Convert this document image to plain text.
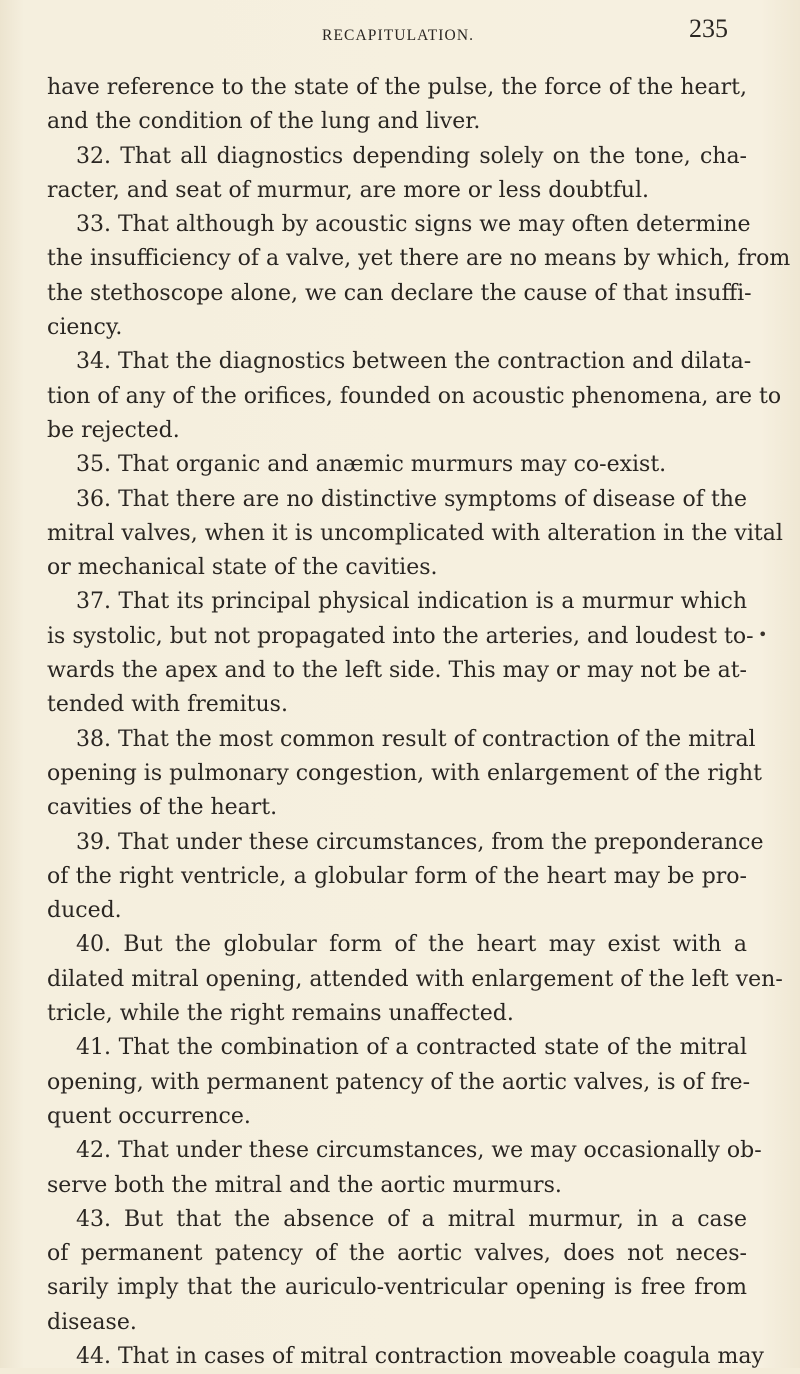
RECAPITULATION.	235
have reference to the state of the pulse, the force of the heart,
and the condition of the lung and liver.
32. That all diagnostics depending solely on the tone, cha-
racter, and seat of murmur, are more or less doubtful.
33. That although by acoustic signs we may often determine
the insufficiency of a valve, yet there are no means by which, from
the stethoscope alone, we can declare the cause of that insuffi-
ciency.
34. That the diagnostics between the contraction and dilata-
tion of any of the orifices, founded on acoustic phenomena, are to
be rejected.
35. That organic and anæmic murmurs may co-exist.
36. That there are no distinctive symptoms of disease of the
mitral valves, when it is uncomplicated with alteration in the vital
or mechanical state of the cavities.
37. That its principal physical indication is a murmur which
is systolic, but not propagated into the arteries, and loudest to-
wards the apex and to the left side. This may or may not be at-
tended with fremitus.
38. That the most common result of contraction of the mitral
opening is pulmonary congestion, with enlargement of the right
cavities of the heart.
39. That under these circumstances, from the preponderance
of the right ventricle, a globular form of the heart may be pro-
duced.
40. But the globular form of the heart may exist with a
dilated mitral opening, attended with enlargement of the left ven-
tricle, while the right remains unaffected.
41. That the combination of a contracted state of the mitral
opening, with permanent patency of the aortic valves, is of fre-
quent occurrence.
42. That under these circumstances, we may occasionally ob-
serve both the mitral and the aortic murmurs.
43. But that the absence of a mitral murmur, in a case
of permanent patency of the aortic valves, does not neces-
sarily imply that the auriculo-ventricular opening is free from
disease.
44. That in cases of mitral contraction moveable coagula may
•
